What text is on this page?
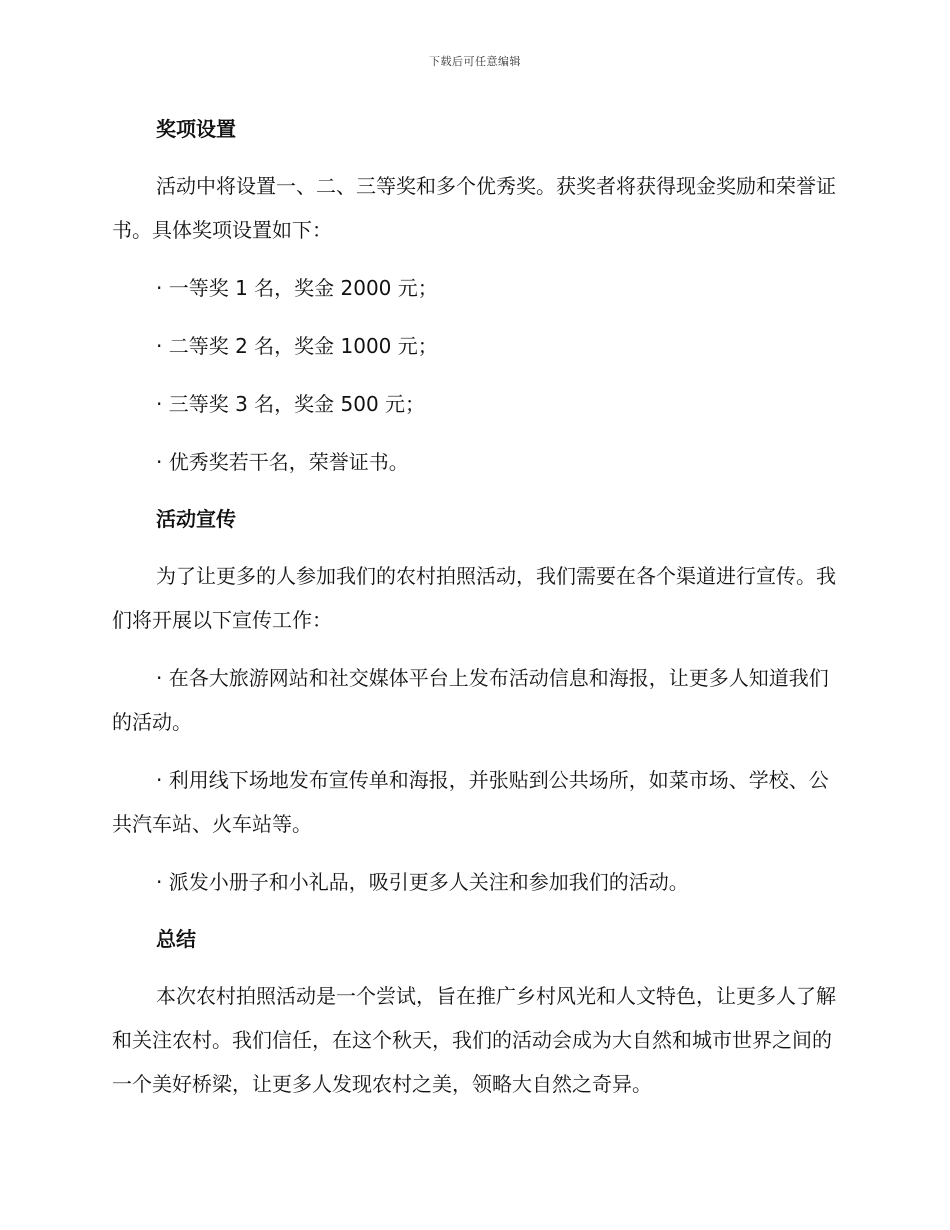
下载后可任意编辑
奖项设置

活动中将设置一、二、三等奖和多个优秀奖。获奖者将获得现金奖励和荣誉证书。具体奖项设置如下：

· 一等奖 1 名，奖金 2000 元；

· 二等奖 2 名，奖金 1000 元；

· 三等奖 3 名，奖金 500 元；

· 优秀奖若干名，荣誉证书。

活动宣传

为了让更多的人参加我们的农村拍照活动，我们需要在各个渠道进行宣传。我们将开展以下宣传工作：

· 在各大旅游网站和社交媒体平台上发布活动信息和海报，让更多人知道我们的活动。

· 利用线下场地发布宣传单和海报，并张贴到公共场所，如菜市场、学校、公共汽车站、火车站等。

· 派发小册子和小礼品，吸引更多人关注和参加我们的活动。

总结

本次农村拍照活动是一个尝试，旨在推广乡村风光和人文特色，让更多人了解和关注农村。我们信任，在这个秋天，我们的活动会成为大自然和城市世界之间的一个美好桥梁，让更多人发现农村之美，领略大自然之奇异。
